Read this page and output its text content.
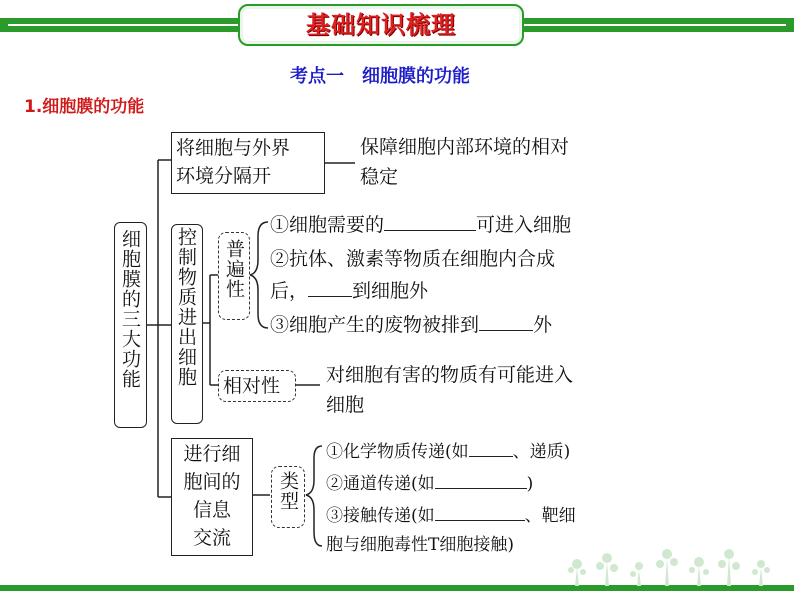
基础知识梳理
考点一　细胞膜的功能
1.细胞膜的功能
细胞膜的三大功能
将细胞与外界
环境分隔开
保障细胞内部环境的相对
稳定
控制物质进出细胞 普遍性
①细胞需要的	可进入细胞
②抗体、激素等物质在细胞内合成
后， 到细胞外
③细胞产生的废物被排到	外
相对性 对细胞有害的物质有可能进入
细胞
进行细
胞间的
信息
交流
类型
①化学物质传递(如	、递质)
②通道传递(如	)
③接触传递(如	、靶细
胞与细胞毒性T细胞接触)
